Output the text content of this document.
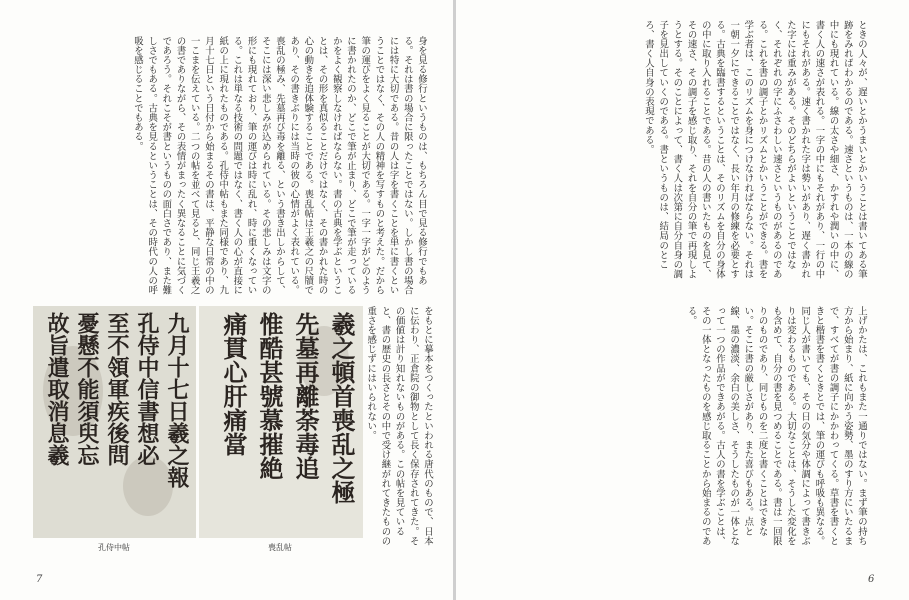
身を見る修行というものは、もちろん目で見る修行でもある。それは書の場合に限ったことではない。しかし書の場合には特に大切である。昔の人は字を書くことを単に書くということではなく、その人の精神を写すものと考えた。だから筆の運びをよく見ることが大切である。一字一字がどのように書かれたのか、どこで筆が止まり、どこで筆が走っているかをよく観察しなければならない。書の古典を学ぶということは、その形を真似ることだけではなく、その書かれた時の心の動きを追体験することである。喪乱帖は王羲之の尺牘であり、その書きぶりには当時の彼の心情がよく表れている。喪乱の極み、先墓再び毒を離る、という書き出しからして、そこには深い悲しみが込められている。その悲しみは文字の形にも現れており、筆の運びは時に乱れ、時に重くなっている。これは単なる技術の問題ではなく、書く人の心が直接に紙の上に現れたものである。孔侍中帖もまた同様であり、九月十七日という日付から始まるその書は、平静な日常の中の一こまを伝えている。二つの帖を並べて見ると、同じ王羲之の書でありながら、その表情がまったく異なることに気づくであろう。それこそが書というものの面白さであり、また難しさでもある。古典を見るということは、その時代の人の呼吸を感じることでもある。
九月十七日羲之報
孔侍中信書想必
至不領軍疾後問
憂懸不能須臾忘
故旨遣取消息羲
孔侍中帖
羲之頓首喪乱之極
先墓再離荼毒追
惟酷甚號慕摧絶
痛貫心肝痛當
喪乱帖
をもとに摹本をつくったといわれる唐代のもので、日本に伝わり、正倉院の御物として長く保存されてきた。その価値は計り知れないものがある。この帖を見ていると、書の歴史の長さとその中で受け継がれてきたものの重さを感じずにはいられない。
7
ときの人々が、遅いとかうまいとかいうことは書いてある筆跡をみればわかるのである。速さというものは、一本の線の中にも現れている。線の太さや細さ、かすれや潤いの中に、書く人の速さが表れる。一字の中にもそれがあり、一行の中にもそれがある。速く書かれた字は勢いがあり、遅く書かれた字には重みがある。そのどちらがよいということではなく、それぞれの字にふさわしい速さというものがあるのである。これを書の調子とかリズムとかいうことができる。書を学ぶ者は、このリズムを身につけなければならない。それは一朝一夕にできることではなく、長い年月の修練を必要とする。古典を臨書するということは、そのリズムを自分の身体の中に取り入れることである。昔の人の書いたものを見て、その速さ、その調子を感じ取り、それを自分の筆で再現しようとする。そのことによって、書く人は次第に自分自身の調子を見出していくのである。書というものは、結局のところ、書く人自身の表現である。
上げかたは、これもまた一通りではない。まず筆の持ち方から始まり、紙に向かう姿勢、墨のすり方にいたるまで、すべてが書の調子にかかわってくる。草書を書くときと楷書を書くときとでは、筆の運びも呼吸も異なる。同じ人が書いても、その日の気分や体調によって書きぶりは変わるものである。大切なことは、そうした変化をも含めて、自分の書を見つめることである。書は一回限りのものであり、同じものを二度と書くことはできない。そこに書の厳しさがあり、また喜びもある。点と線、墨の濃淡、余白の美しさ、そうしたものが一体となって一つの作品ができあがる。古人の書を学ぶことは、その一体となったものを感じ取ることから始まるのである。
6
